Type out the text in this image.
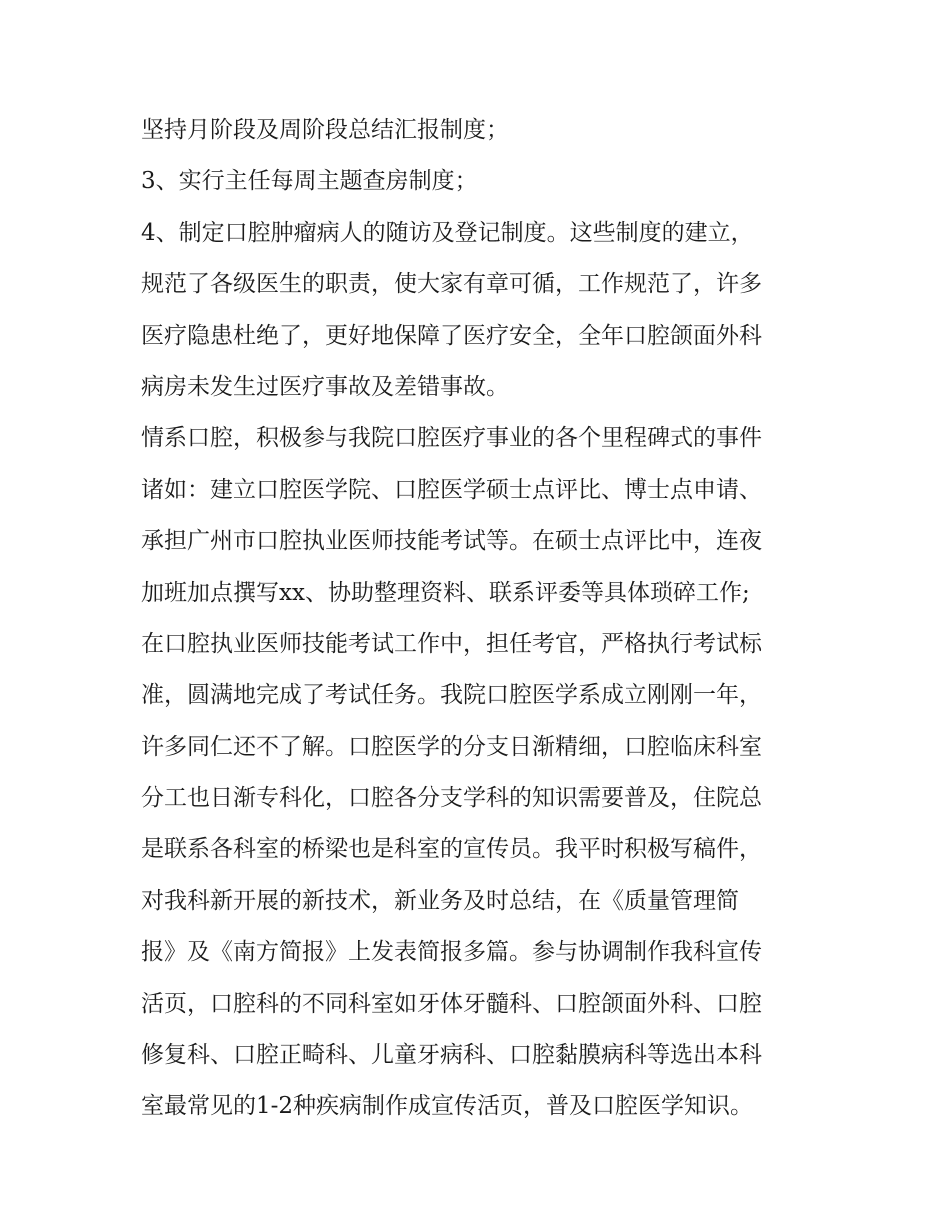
坚持月阶段及周阶段总结汇报制度；
3、实行主任每周主题查房制度；
4、制定口腔肿瘤病人的随访及登记制度。这些制度的建立，
规范了各级医生的职责，使大家有章可循，工作规范了，许多
医疗隐患杜绝了，更好地保障了医疗安全，全年口腔颌面外科
病房未发生过医疗事故及差错事故。
情系口腔，积极参与我院口腔医疗事业的各个里程碑式的事件
诸如：建立口腔医学院、口腔医学硕士点评比、博士点申请、
承担广州市口腔执业医师技能考试等。在硕士点评比中，连夜
加班加点撰写xx、协助整理资料、联系评委等具体琐碎工作;
在口腔执业医师技能考试工作中，担任考官，严格执行考试标
准，圆满地完成了考试任务。我院口腔医学系成立刚刚一年，
许多同仁还不了解。口腔医学的分支日渐精细，口腔临床科室
分工也日渐专科化，口腔各分支学科的知识需要普及，住院总
是联系各科室的桥梁也是科室的宣传员。我平时积极写稿件，
对我科新开展的新技术，新业务及时总结，在《质量管理简
报》及《南方简报》上发表简报多篇。参与协调制作我科宣传
活页，口腔科的不同科室如牙体牙髓科、口腔颌面外科、口腔
修复科、口腔正畸科、儿童牙病科、口腔黏膜病科等选出本科
室最常见的1-2种疾病制作成宣传活页，普及口腔医学知识。
